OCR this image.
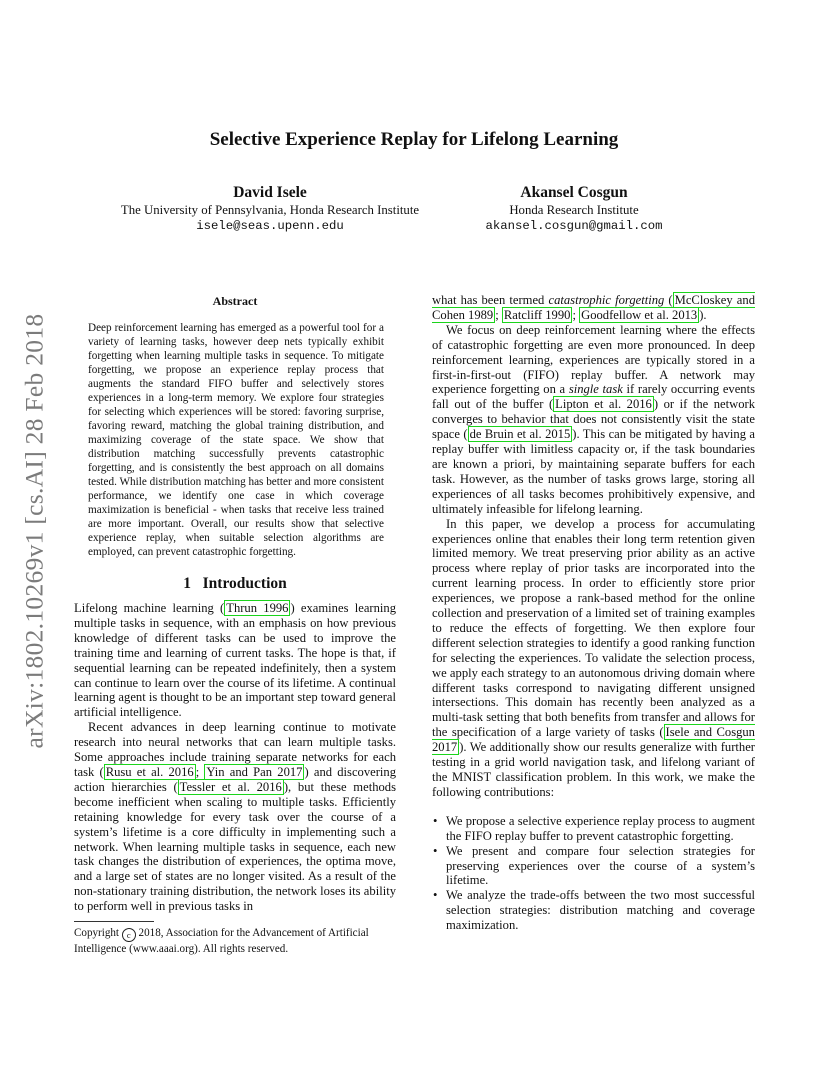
arXiv:1802.10269v1 [cs.AI] 28 Feb 2018
Selective Experience Replay for Lifelong Learning
David Isele
The University of Pennsylvania, Honda Research Institute
isele@seas.upenn.edu
Akansel Cosgun
Honda Research Institute
akansel.cosgun@gmail.com
Abstract

Deep reinforcement learning has emerged as a powerful tool for a variety of learning tasks, however deep nets typically exhibit forgetting when learning multiple tasks in sequence. To mitigate forgetting, we propose an experience replay process that augments the standard FIFO buffer and selectively stores experiences in a long-term memory. We explore four strategies for selecting which experiences will be stored: favoring surprise, favoring reward, matching the global training distribution, and maximizing coverage of the state space. We show that distribution matching successfully prevents catastrophic forgetting, and is consistently the best approach on all domains tested. While distribution matching has better and more consistent performance, we identify one case in which coverage maximization is beneficial - when tasks that receive less trained are more important. Overall, our results show that selective experience replay, when suitable selection algorithms are employed, can prevent catastrophic forgetting.

1 Introduction

Lifelong machine learning ( Thrun 1996 ) examines learning multiple tasks in sequence, with an emphasis on how previous knowledge of different tasks can be used to improve the training time and learning of current tasks. The hope is that, if sequential learning can be repeated indefinitely, then a system can continue to learn over the course of its lifetime. A continual learning agent is thought to be an important step toward general artificial intelligence.

Recent advances in deep learning continue to motivate research into neural networks that can learn multiple tasks. Some approaches include training separate networks for each task ( Rusu et al. 2016 ; Yin and Pan 2017 ) and discovering action hierarchies ( Tessler et al. 2016 ), but these methods become inefficient when scaling to multiple tasks. Efficiently retaining knowledge for every task over the course of a system’s lifetime is a core difficulty in implementing such a network. When learning multiple tasks in sequence, each new task changes the distribution of experiences, the optima move, and a large set of states are no longer visited. As a result of the non-stationary training distribution, the network loses its ability to perform well in previous tasks in

Copyright c 2018, Association for the Advancement of Artificial Intelligence (www.aaai.org). All rights reserved.

what has been termed catastrophic forgetting ( McCloskey and Cohen 1989 ; Ratcliff 1990 ; Goodfellow et al. 2013 ).

We focus on deep reinforcement learning where the effects of catastrophic forgetting are even more pronounced. In deep reinforcement learning, experiences are typically stored in a first-in-first-out (FIFO) replay buffer. A network may experience forgetting on a single task if rarely occurring events fall out of the buffer ( Lipton et al. 2016 ) or if the network converges to behavior that does not consistently visit the state space ( de Bruin et al. 2015 ). This can be mitigated by having a replay buffer with limitless capacity or, if the task boundaries are known a priori, by maintaining separate buffers for each task. However, as the number of tasks grows large, storing all experiences of all tasks becomes prohibitively expensive, and ultimately infeasible for lifelong learning.

In this paper, we develop a process for accumulating experiences online that enables their long term retention given limited memory. We treat preserving prior ability as an active process where replay of prior tasks are incorporated into the current learning process. In order to efficiently store prior experiences, we propose a rank-based method for the online collection and preservation of a limited set of training examples to reduce the effects of forgetting. We then explore four different selection strategies to identify a good ranking function for selecting the experiences. To validate the selection process, we apply each strategy to an autonomous driving domain where different tasks correspond to navigating different unsigned intersections. This domain has recently been analyzed as a multi-task setting that both benefits from transfer and allows for the specification of a large variety of tasks ( Isele and Cosgun 2017 ). We additionally show our results generalize with further testing in a grid world navigation task, and lifelong variant of the MNIST classification problem. In this work, we make the following contributions:

• We propose a selective experience replay process to augment the FIFO replay buffer to prevent catastrophic forgetting.
• We present and compare four selection strategies for preserving experiences over the course of a system’s lifetime.
• We analyze the trade-offs between the two most successful selection strategies: distribution matching and coverage maximization.
